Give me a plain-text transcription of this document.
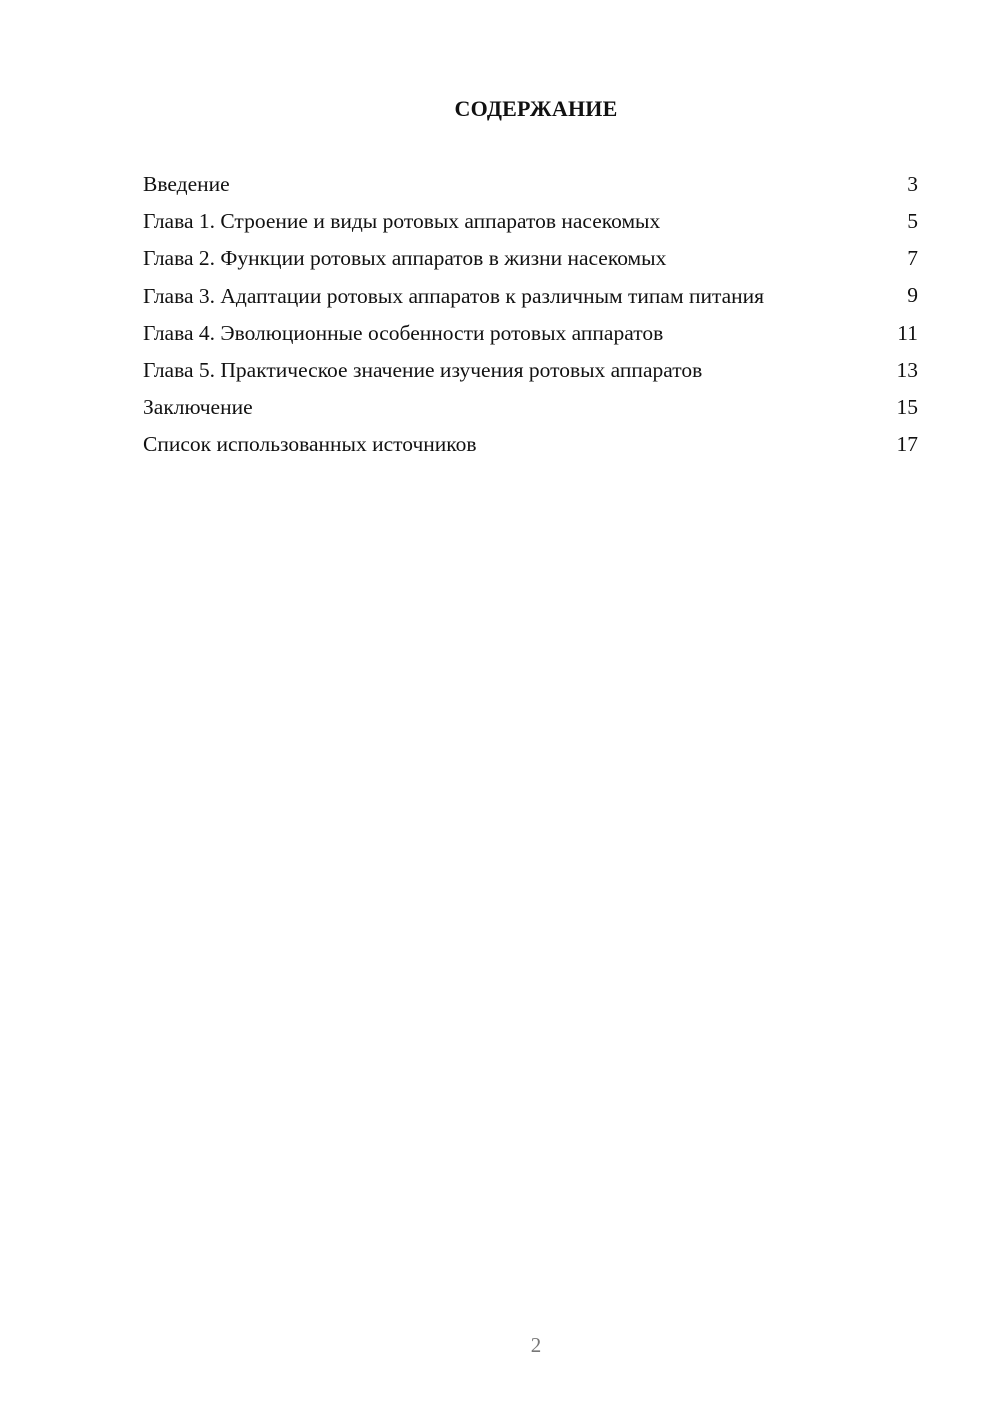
СОДЕРЖАНИЕ
Введение	3
Глава 1. Строение и виды ротовых аппаратов насекомых	5
Глава 2. Функции ротовых аппаратов в жизни насекомых	7
Глава 3. Адаптации ротовых аппаратов к различным типам питания	9
Глава 4. Эволюционные особенности ротовых аппаратов	11
Глава 5. Практическое значение изучения ротовых аппаратов	13
Заключение	15
Список использованных источников	17
2
